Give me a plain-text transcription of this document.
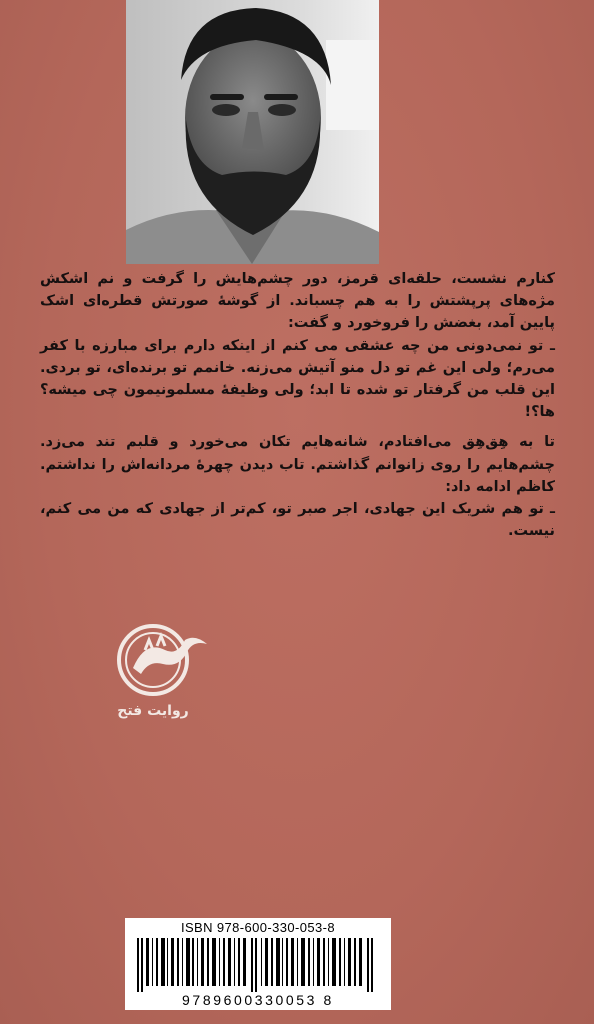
کنارم نشست، حلقه‌ای قرمز، دور چشم‌هایش را گرفت و نم اشکش مژه‌های پرپشتش را به هم چسباند. از گوشهٔ صورتش قطره‌ای اشک پایین آمد، بغضش را فروخورد و گفت:

ـ تو نمی‌دونی من چه عشقی می کنم از اینکه دارم برای مبارزه با کفر می‌رم؛ ولی این غم تو دل منو آتیش می‌زنه. خانمم تو برنده‌ای، تو بردی. این قلب من گرفتار تو شده تا ابد؛ ولی وظیفهٔ مسلمونیمون چی میشه؟ ها؟!

تا به هِق‌هِق می‌افتادم، شانه‌هایم تکان می‌خورد و قلبم تند می‌زد. چشم‌هایم را روی زانوانم گذاشتم. تاب دیدن چهرهٔ مردانه‌اش را نداشتم. کاظم ادامه داد:

ـ تو هم شریک این جهادی، اجر صبر تو، کم‌تر از جهادی که من می کنم، نیست.

روایت فتح
ISBN 978-600-330-053-8
9789600330053 8
